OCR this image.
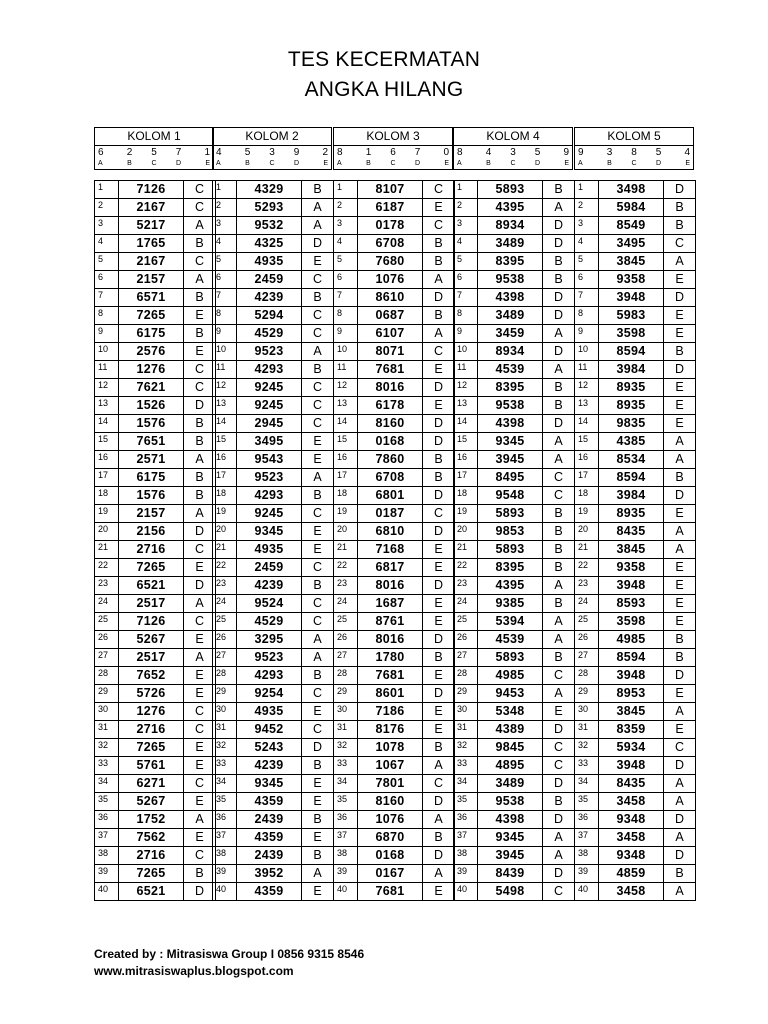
TES KECERMATAN
ANGKA HILANG
KOLOM 1
6	2	5	7	1
A	B	C	D	E
1	7126	C
2	2167	C
3	5217	A
4	1765	B
5	2167	C
6	2157	A
7	6571	B
8	7265	E
9	6175	B
10	2576	E
11	1276	C
12	7621	C
13	1526	D
14	1576	B
15	7651	B
16	2571	A
17	6175	B
18	1576	B
19	2157	A
20	2156	D
21	2716	C
22	7265	E
23	6521	D
24	2517	A
25	7126	C
26	5267	E
27	2517	A
28	7652	E
29	5726	E
30	1276	C
31	2716	C
32	7265	E
33	5761	E
34	6271	C
35	5267	E
36	1752	A
37	7562	E
38	2716	C
39	7265	B
40	6521	D
KOLOM 2
4	5	3	9	2
A	B	C	D	E
1	4329	B
2	5293	A
3	9532	A
4	4325	D
5	4935	E
6	2459	C
7	4239	B
8	5294	C
9	4529	C
10	9523	A
11	4293	B
12	9245	C
13	9245	C
14	2945	C
15	3495	E
16	9543	E
17	9523	A
18	4293	B
19	9245	C
20	9345	E
21	4935	E
22	2459	C
23	4239	B
24	9524	C
25	4529	C
26	3295	A
27	9523	A
28	4293	B
29	9254	C
30	4935	E
31	9452	C
32	5243	D
33	4239	B
34	9345	E
35	4359	E
36	2439	B
37	4359	E
38	2439	B
39	3952	A
40	4359	E
KOLOM 3
8	1	6	7	0
A	B	C	D	E
1	8107	C
2	6187	E
3	0178	C
4	6708	B
5	7680	B
6	1076	A
7	8610	D
8	0687	B
9	6107	A
10	8071	C
11	7681	E
12	8016	D
13	6178	E
14	8160	D
15	0168	D
16	7860	B
17	6708	B
18	6801	D
19	0187	C
20	6810	D
21	7168	E
22	6817	E
23	8016	D
24	1687	E
25	8761	E
26	8016	D
27	1780	B
28	7681	E
29	8601	D
30	7186	E
31	8176	E
32	1078	B
33	1067	A
34	7801	C
35	8160	D
36	1076	A
37	6870	B
38	0168	D
39	0167	A
40	7681	E
KOLOM 4
8	4	3	5	9
A	B	C	D	E
1	5893	B
2	4395	A
3	8934	D
4	3489	D
5	8395	B
6	9538	B
7	4398	D
8	3489	D
9	3459	A
10	8934	D
11	4539	A
12	8395	B
13	9538	B
14	4398	D
15	9345	A
16	3945	A
17	8495	C
18	9548	C
19	5893	B
20	9853	B
21	5893	B
22	8395	B
23	4395	A
24	9385	B
25	5394	A
26	4539	A
27	5893	B
28	4985	C
29	9453	A
30	5348	E
31	4389	D
32	9845	C
33	4895	C
34	3489	D
35	9538	B
36	4398	D
37	9345	A
38	3945	A
39	8439	D
40	5498	C
KOLOM 5
9	3	8	5	4
A	B	C	D	E
1	3498	D
2	5984	B
3	8549	B
4	3495	C
5	3845	A
6	9358	E
7	3948	D
8	5983	E
9	3598	E
10	8594	B
11	3984	D
12	8935	E
13	8935	E
14	9835	E
15	4385	A
16	8534	A
17	8594	B
18	3984	D
19	8935	E
20	8435	A
21	3845	A
22	9358	E
23	3948	E
24	8593	E
25	3598	E
26	4985	B
27	8594	B
28	3948	D
29	8953	E
30	3845	A
31	8359	E
32	5934	C
33	3948	D
34	8435	A
35	3458	A
36	9348	D
37	3458	A
38	9348	D
39	4859	B
40	3458	A
Created by : Mitrasiswa Group I 0856 9315 8546
www.mitrasiswaplus.blogspot.com
